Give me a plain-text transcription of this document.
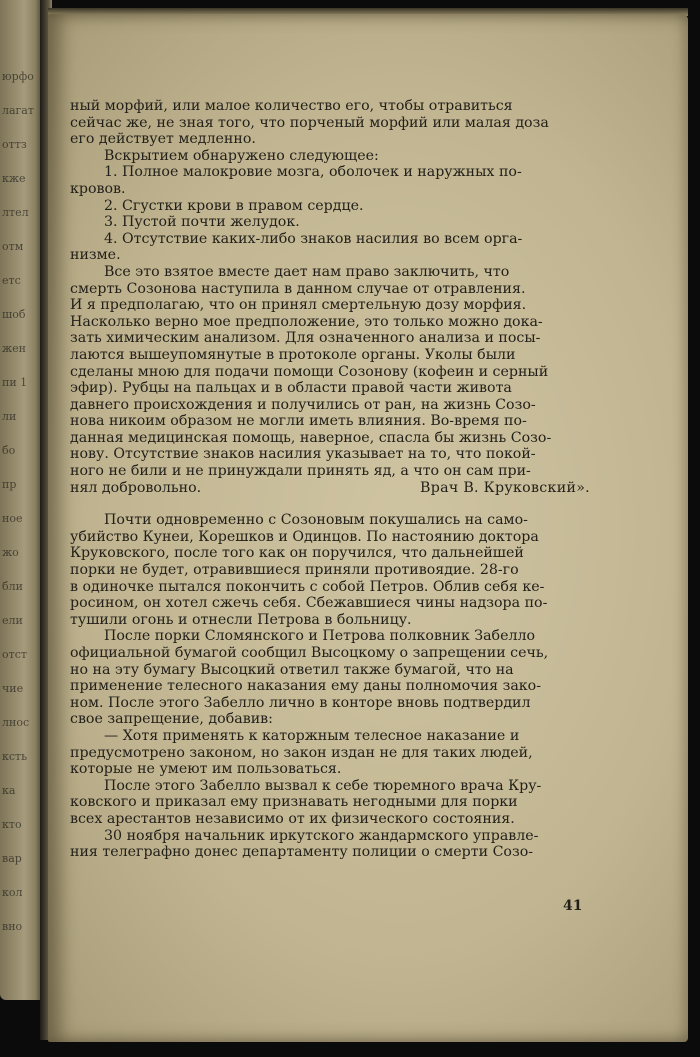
юрфо
лагат
оттз
кже
лтел
отм
етс
шоб
жен
пи 1
ли
бо
пр
ное
жо
бли
ели
отст
чие
лнос
ксть
ка
кто
вар
кол
вно
ный морфий, или малое количество его, чтобы отравиться
сейчас же, не зная того, что порченый морфий или малая доза
его действует медленно.
Вскрытием обнаружено следующее:
1. Полное малокровие мозга, оболочек и наружных по-
кровов.
2. Сгустки крови в правом сердце.
3. Пустой почти желудок.
4. Отсутствие каких-либо знаков насилия во всем орга-
низме.
Все это взятое вместе дает нам право заключить, что
смерть Созонова наступила в данном случае от отравления.
И я предполагаю, что он принял смертельную дозу морфия.
Насколько верно мое предположение, это только можно дока-
зать химическим анализом. Для означенного анализа и посы-
лаются вышеупомянутые в протоколе органы. Уколы были
сделаны мною для подачи помощи Созонову (кофеин и серный
эфир). Рубцы на пальцах и в области правой части живота
давнего происхождения и получились от ран, на жизнь Созо-
нова никоим образом не могли иметь влияния. Во-время по-
данная медицинская помощь, наверное, спасла бы жизнь Созо-
нову. Отсутствие знаков насилия указывает на то, что покой-
ного не били и не принуждали принять яд, а что он сам при-
нял добровольно.	Врач В. Круковский».
Почти одновременно с Созоновым покушались на само-
убийство Кунеи, Корешков и Одинцов. По настоянию доктора
Круковского, после того как он поручился, что дальнейшей
порки не будет, отравившиеся приняли противоядие. 28-го
в одиночке пытался покончить с собой Петров. Облив себя ке-
росином, он хотел сжечь себя. Сбежавшиеся чины надзора по-
тушили огонь и отнесли Петрова в больницу.
После порки Сломянского и Петрова полковник Забелло
официальной бумагой сообщил Высоцкому о запрещении сечь,
но на эту бумагу Высоцкий ответил также бумагой, что на
применение телесного наказания ему даны полномочия зако-
ном. После этого Забелло лично в конторе вновь подтвердил
свое запрещение, добавив:
— Хотя применять к каторжным телесное наказание и
предусмотрено законом, но закон издан не для таких людей,
которые не умеют им пользоваться.
После этого Забелло вызвал к себе тюремного врача Кру-
ковского и приказал ему признавать негодными для порки
всех арестантов независимо от их физического состояния.
30 ноября начальник иркутского жандармского управле-
ния телеграфно донес департаменту полиции о смерти Созо-
41
